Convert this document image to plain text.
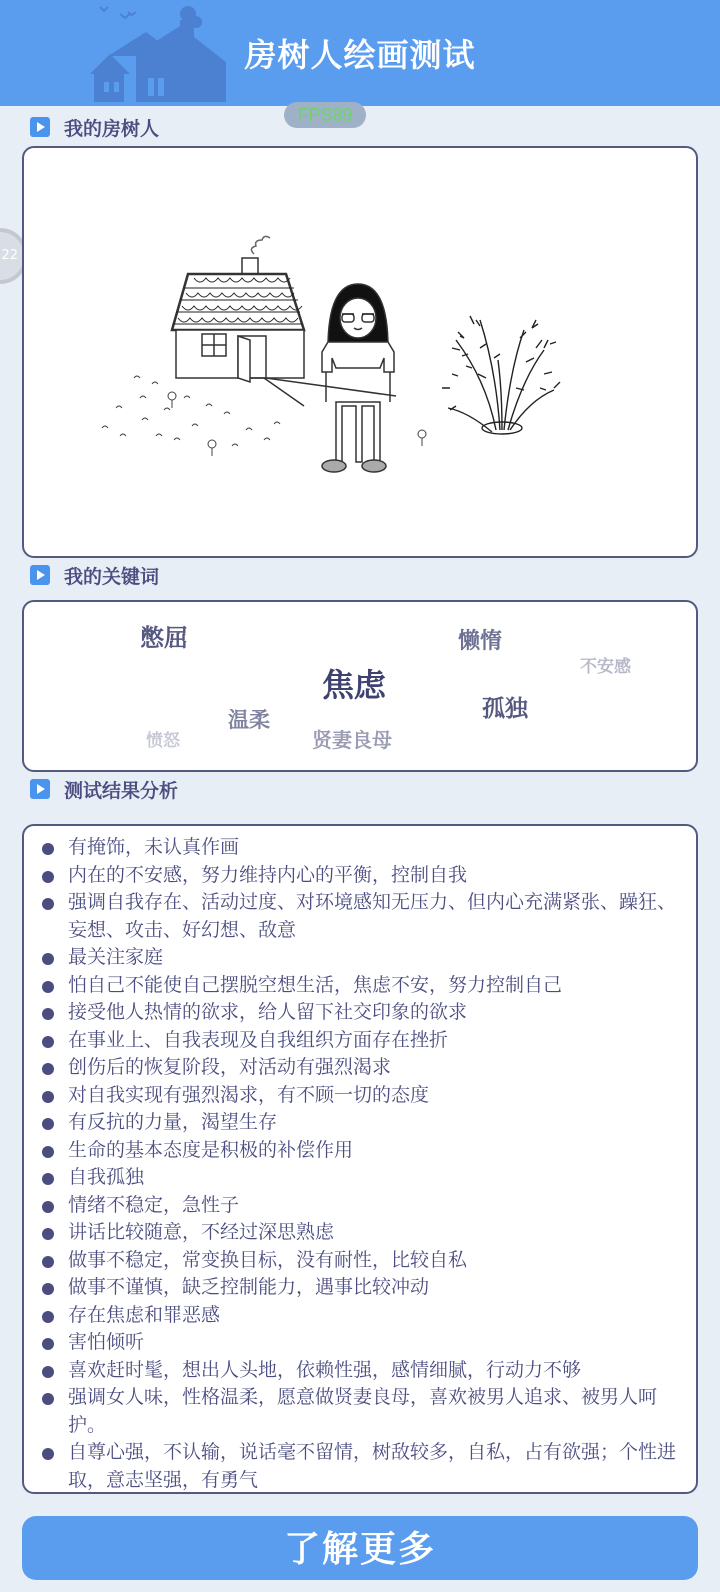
房树人绘画测试
FPS89
22
我的房树人
我的关键词
憋屈	懒惰
不安感
焦虑
孤独
温柔
愤怒	贤妻良母
测试结果分析
有掩饰，未认真作画
内在的不安感，努力维持内心的平衡，控制自我
强调自我存在、活动过度、对环境感知无压力、但内心充满紧张、躁狂、妄想、攻击、好幻想、敌意
最关注家庭
怕自己不能使自己摆脱空想生活，焦虑不安，努力控制自己
接受他人热情的欲求，给人留下社交印象的欲求
在事业上、自我表现及自我组织方面存在挫折
创伤后的恢复阶段，对活动有强烈渴求
对自我实现有强烈渴求，有不顾一切的态度
有反抗的力量，渴望生存
生命的基本态度是积极的补偿作用
自我孤独
情绪不稳定，急性子
讲话比较随意，不经过深思熟虑
做事不稳定，常变换目标，没有耐性，比较自私
做事不谨慎，缺乏控制能力，遇事比较冲动
存在焦虑和罪恶感
害怕倾听
喜欢赶时髦，想出人头地，依赖性强，感情细腻，行动力不够
强调女人味，性格温柔，愿意做贤妻良母，喜欢被男人追求、被男人呵护。
自尊心强，不认输，说话毫不留情，树敌较多，自私，占有欲强；个性进取，意志坚强，有勇气
了解更多
